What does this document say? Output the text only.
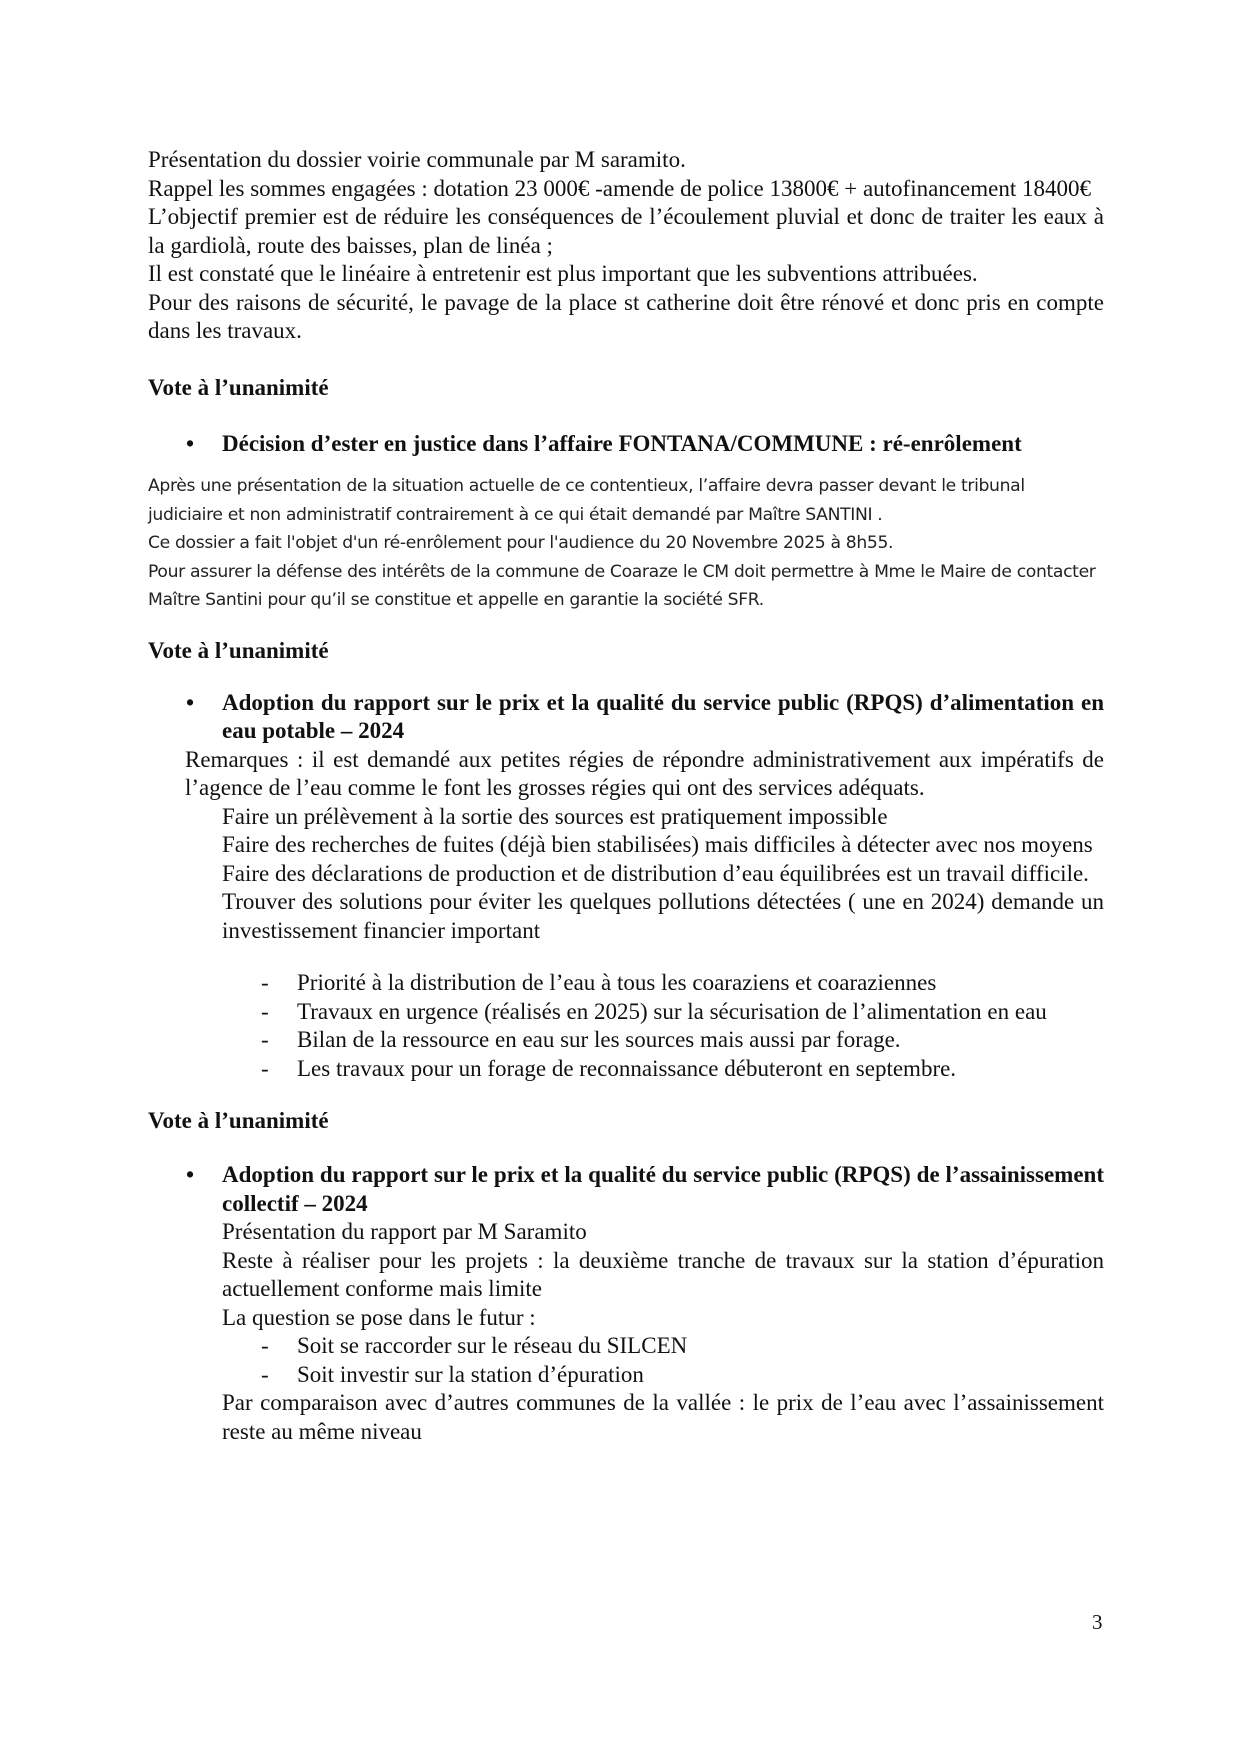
Présentation du dossier voirie communale par M saramito.

Rappel les sommes engagées : dotation 23 000€ -amende de police 13800€ + autofinancement 18400€

L’objectif premier est de réduire les conséquences de l’écoulement pluvial et donc de traiter les eaux à la gardiolà, route des baisses, plan de linéa ;

Il est constaté que le linéaire à entretenir est plus important que les subventions attribuées.

Pour des raisons de sécurité, le pavage de la place st catherine doit être rénové et donc pris en compte dans les travaux.

Vote à l’unanimité

• Décision d’ester en justice dans l’affaire FONTANA/COMMUNE : ré-enrôlement

Après une présentation de la situation actuelle de ce contentieux, l’affaire devra passer devant le tribunal judiciaire et non administratif contrairement à ce qui était demandé par Maître SANTINI .

Ce dossier a fait l'objet d'un ré-enrôlement pour l'audience du 20 Novembre 2025 à 8h55.

Pour assurer la défense des intérêts de la commune de Coaraze le CM doit permettre à Mme le Maire de contacter Maître Santini pour qu’il se constitue et appelle en garantie la société SFR.

Vote à l’unanimité

• Adoption du rapport sur le prix et la qualité du service public (RPQS) d’alimentation en eau potable – 2024

Remarques : il est demandé aux petites régies de répondre administrativement aux impératifs de l’agence de l’eau comme le font les grosses régies qui ont des services adéquats.

Faire un prélèvement à la sortie des sources est pratiquement impossible

Faire des recherches de fuites (déjà bien stabilisées) mais difficiles à détecter avec nos moyens

Faire des déclarations de production et de distribution d’eau équilibrées est un travail difficile.

Trouver des solutions pour éviter les quelques pollutions détectées ( une en 2024) demande un investissement financier important

- Priorité à la distribution de l’eau à tous les coaraziens et coaraziennes
- Travaux en urgence (réalisés en 2025) sur la sécurisation de l’alimentation en eau
- Bilan de la ressource en eau sur les sources mais aussi par forage.
- Les travaux pour un forage de reconnaissance débuteront en septembre.

Vote à l’unanimité

• Adoption du rapport sur le prix et la qualité du service public (RPQS) de l’assainissement collectif – 2024

Présentation du rapport par M Saramito

Reste à réaliser pour les projets : la deuxième tranche de travaux sur la station d’épuration actuellement conforme mais limite

La question se pose dans le futur :

- Soit se raccorder sur le réseau du SILCEN
- Soit investir sur la station d’épuration

Par comparaison avec d’autres communes de la vallée : le prix de l’eau avec l’assainissement reste au même niveau

3
